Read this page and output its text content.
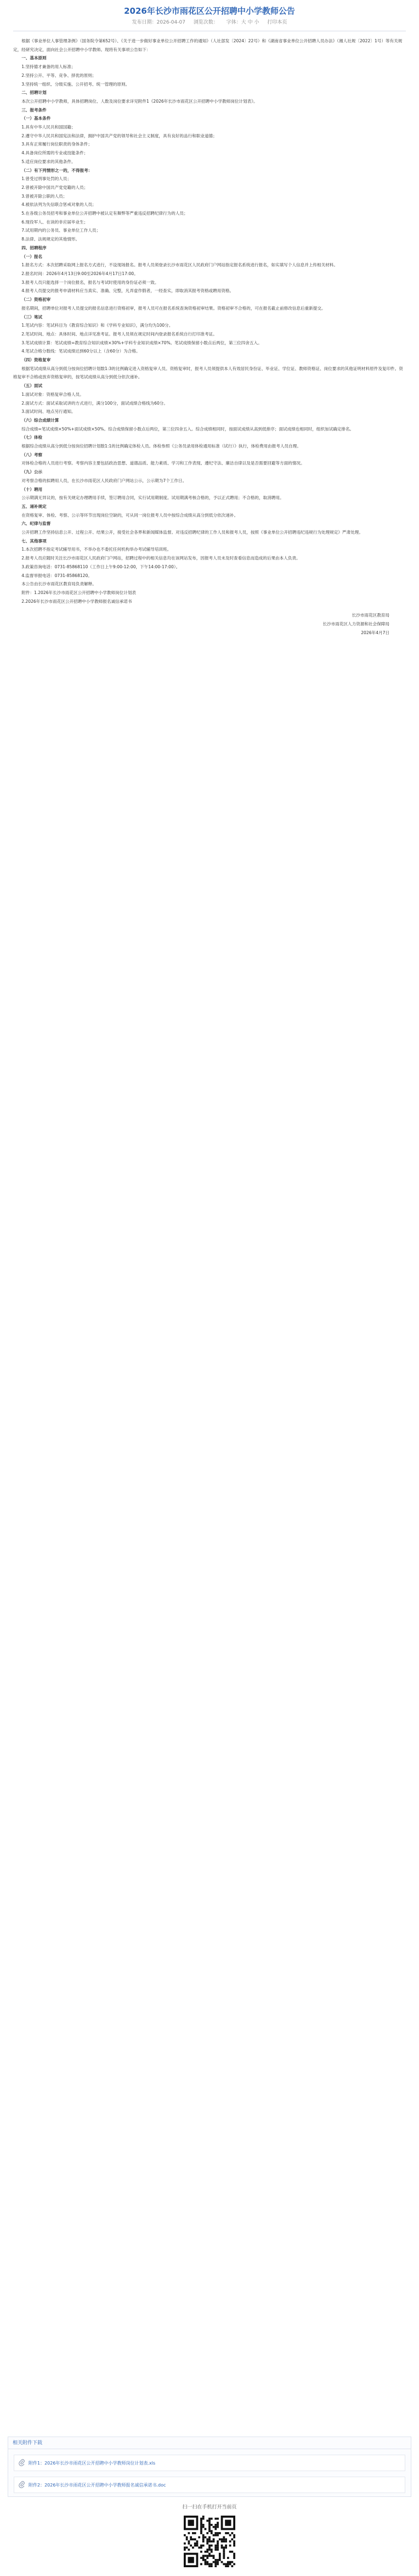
2026年长沙市雨花区公开招聘中小学教师公告
发布日期：2026-04-07 浏览次数： 字体：大 中 小 打印本页

根据《事业单位人事管理条例》（国务院令第652号）、《关于进一步做好事业单位公开招聘工作的通知》（人社部发〔2024〕22号）和《湖南省事业单位公开招聘人员办法》（湘人社规〔2022〕1号）等有关规定，经研究决定，面向社会公开招聘中小学教师。现将有关事项公告如下：

一、基本原则

1.坚持德才兼备的用人标准；

2.坚持公开、平等、竞争、择优的原则；

3.坚持统一组织、分级实施、公开招考、统一管理的原则。

二、招聘计划

本次公开招聘中小学教师，具体招聘岗位、人数及岗位要求详见附件1《2026年长沙市雨花区公开招聘中小学教师岗位计划表》。

三、报考条件

（一）基本条件

1.具有中华人民共和国国籍；

2.遵守中华人民共和国宪法和法律，拥护中国共产党的领导和社会主义制度，具有良好的品行和职业道德；

3.具有正常履行岗位职责的身体条件；

4.具备岗位所需的专业或技能条件；

5.适应岗位要求的其他条件。

（二）有下列情形之一的，不得报考：

1.曾受过刑事处罚的人员；

2.曾被开除中国共产党党籍的人员；

3.曾被开除公职的人员；

4.被依法列为失信联合惩戒对象的人员；

5.在各级公务员招考和事业单位公开招聘中被认定有舞弊等严重违反招聘纪律行为的人员；

6.现役军人、在读的非应届毕业生；

7.试用期内的公务员、事业单位工作人员；

8.法律、法规规定的其他情形。

四、招聘程序

（一）报名

1.报名方式：本次招聘采取网上报名方式进行，不设现场报名。报考人员须登录长沙市雨花区人民政府门户网站指定报名系统进行报名，如实填写个人信息并上传相关材料。

2.报名时间：2026年4月13日9:00至2026年4月17日17:00。

3.报考人员只能选择一个岗位报名，报名与考试时使用的身份证必须一致。

4.报考人员提交的报考申请材料应当真实、准确、完整，凡弄虚作假者，一经查实，即取消其报考资格或聘用资格。

（二）资格初审

报名期间，招聘单位对报考人员提交的报名信息进行资格初审，报考人员可在报名系统查询资格初审结果。资格初审不合格的，可在报名截止前修改信息后重新提交。

（三）笔试

1.笔试内容：笔试科目为《教育综合知识》和《学科专业知识》，满分均为100分。

2.笔试时间、地点：具体时间、地点详见准考证。报考人员须在规定时间内登录报名系统自行打印准考证。

3.笔试成绩计算：笔试成绩=教育综合知识成绩×30%+学科专业知识成绩×70%。笔试成绩保留小数点后两位，第三位四舍五入。

4.笔试合格分数线：笔试成绩达到60分以上（含60分）为合格。

（四）资格复审

根据笔试成绩从高分到低分按岗位招聘计划数1:3的比例确定进入资格复审人员。资格复审时，报考人员须提供本人有效居民身份证、毕业证、学位证、教师资格证、岗位要求的其他证明材料原件及复印件。资格复审不合格或放弃资格复审的，按笔试成绩从高分到低分依次递补。

（五）面试

1.面试对象：资格复审合格人员。

2.面试方式：面试采取试讲的方式进行，满分100分，面试成绩合格线为60分。

3.面试时间、地点另行通知。

（六）综合成绩计算

综合成绩=笔试成绩×50%+面试成绩×50%。综合成绩保留小数点后两位，第三位四舍五入。综合成绩相同时，按面试成绩从高到低排序；面试成绩也相同时，组织加试确定排名。

（七）体检

根据综合成绩从高分到低分按岗位招聘计划数1:1的比例确定体检人员。体检参照《公务员录用体检通用标准（试行）》执行，体检费用由报考人员自理。

（八）考察

对体检合格的人员进行考察。考察内容主要包括政治思想、道德品质、能力素质、学习和工作表现、遵纪守法、廉洁自律以及是否需要回避等方面的情况。

（九）公示

对考察合格的拟聘用人员，在长沙市雨花区人民政府门户网站公示，公示期为7个工作日。

（十）聘用

公示期满无异议的，按有关规定办理聘用手续，签订聘用合同，实行试用期制度。试用期满考核合格的，予以正式聘用；不合格的，取消聘用。

五、递补规定

在资格复审、体检、考察、公示等环节出现岗位空缺的，可从同一岗位报考人员中按综合成绩从高分到低分依次递补。

六、纪律与监督

公开招聘工作坚持信息公开、过程公开、结果公开，接受社会各界和新闻媒体监督。对违反招聘纪律的工作人员和报考人员，按照《事业单位公开招聘违纪违规行为处理规定》严肃处理。

七、其他事项

1.本次招聘不指定考试辅导用书，不举办也不委托任何机构举办考试辅导培训班。

2.报考人员应随时关注长沙市雨花区人民政府门户网站，招聘过程中的相关信息均在该网站发布，因报考人员未及时查看信息而造成的后果由本人负责。

3.政策咨询电话：0731-85868110（工作日上午9:00-12:00，下午14:00-17:00）。

4.监督举报电话：0731-85868120。

本公告由长沙市雨花区教育局负责解释。

附件：1.2026年长沙市雨花区公开招聘中小学教师岗位计划表

2.2026年长沙市雨花区公开招聘中小学教师报名诚信承诺书

长沙市雨花区教育局
长沙市雨花区人力资源和社会保障局
2026年4月7日
相关附件下载
附件1：2026年长沙市雨花区公开招聘中小学教师岗位计划表.xls
附件2：2026年长沙市雨花区公开招聘中小学教师报名诚信承诺书.doc
扫一扫在手机打开当前页
